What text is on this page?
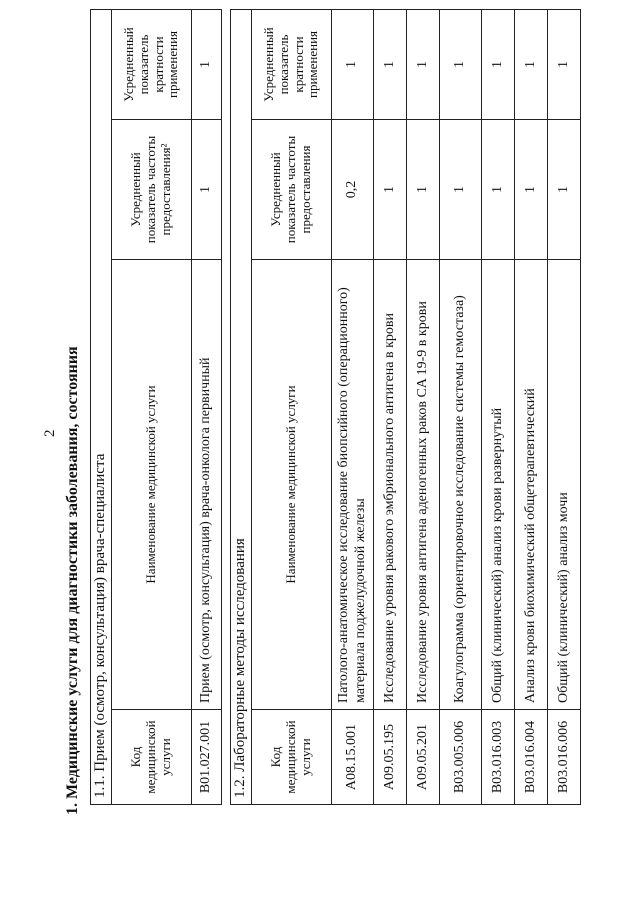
2 1. Медицинские услуги для диагностики заболевания, состояния 1.1. Прием (осмотр, консультация) врача-специалиста			
Код медицинской услуги	Наименование медицинской услуги	Усредненный показатель частоты предоставления²	Усредненный показатель кратности применения
B01.027.001	Прием (осмотр, консультация) врача-онколога первичный	1	1
1.2. Лабораторные методы исследования			
Код медицинской услуги	Наименование медицинской услуги	Усредненный показатель частоты предоставления	Усредненный показатель кратности применения
A08.15.001	Патолого-анатомическое исследование биопсийного (операционного) материала поджелудочной железы	0,2	1
A09.05.195	Исследование уровня ракового эмбрионального антигена в крови	1	1
A09.05.201	Исследование уровня антигена аденогенных раков CA 19-9 в крови	1	1
B03.005.006	Коагулограмма (ориентировочное исследование системы гемостаза)	1	1
B03.016.003	Общий (клинический) анализ крови развернутый	1	1
B03.016.004	Анализ крови биохимический общетерапевтический	1	1
B03.016.006	Общий (клинический) анализ мочи	1	1
